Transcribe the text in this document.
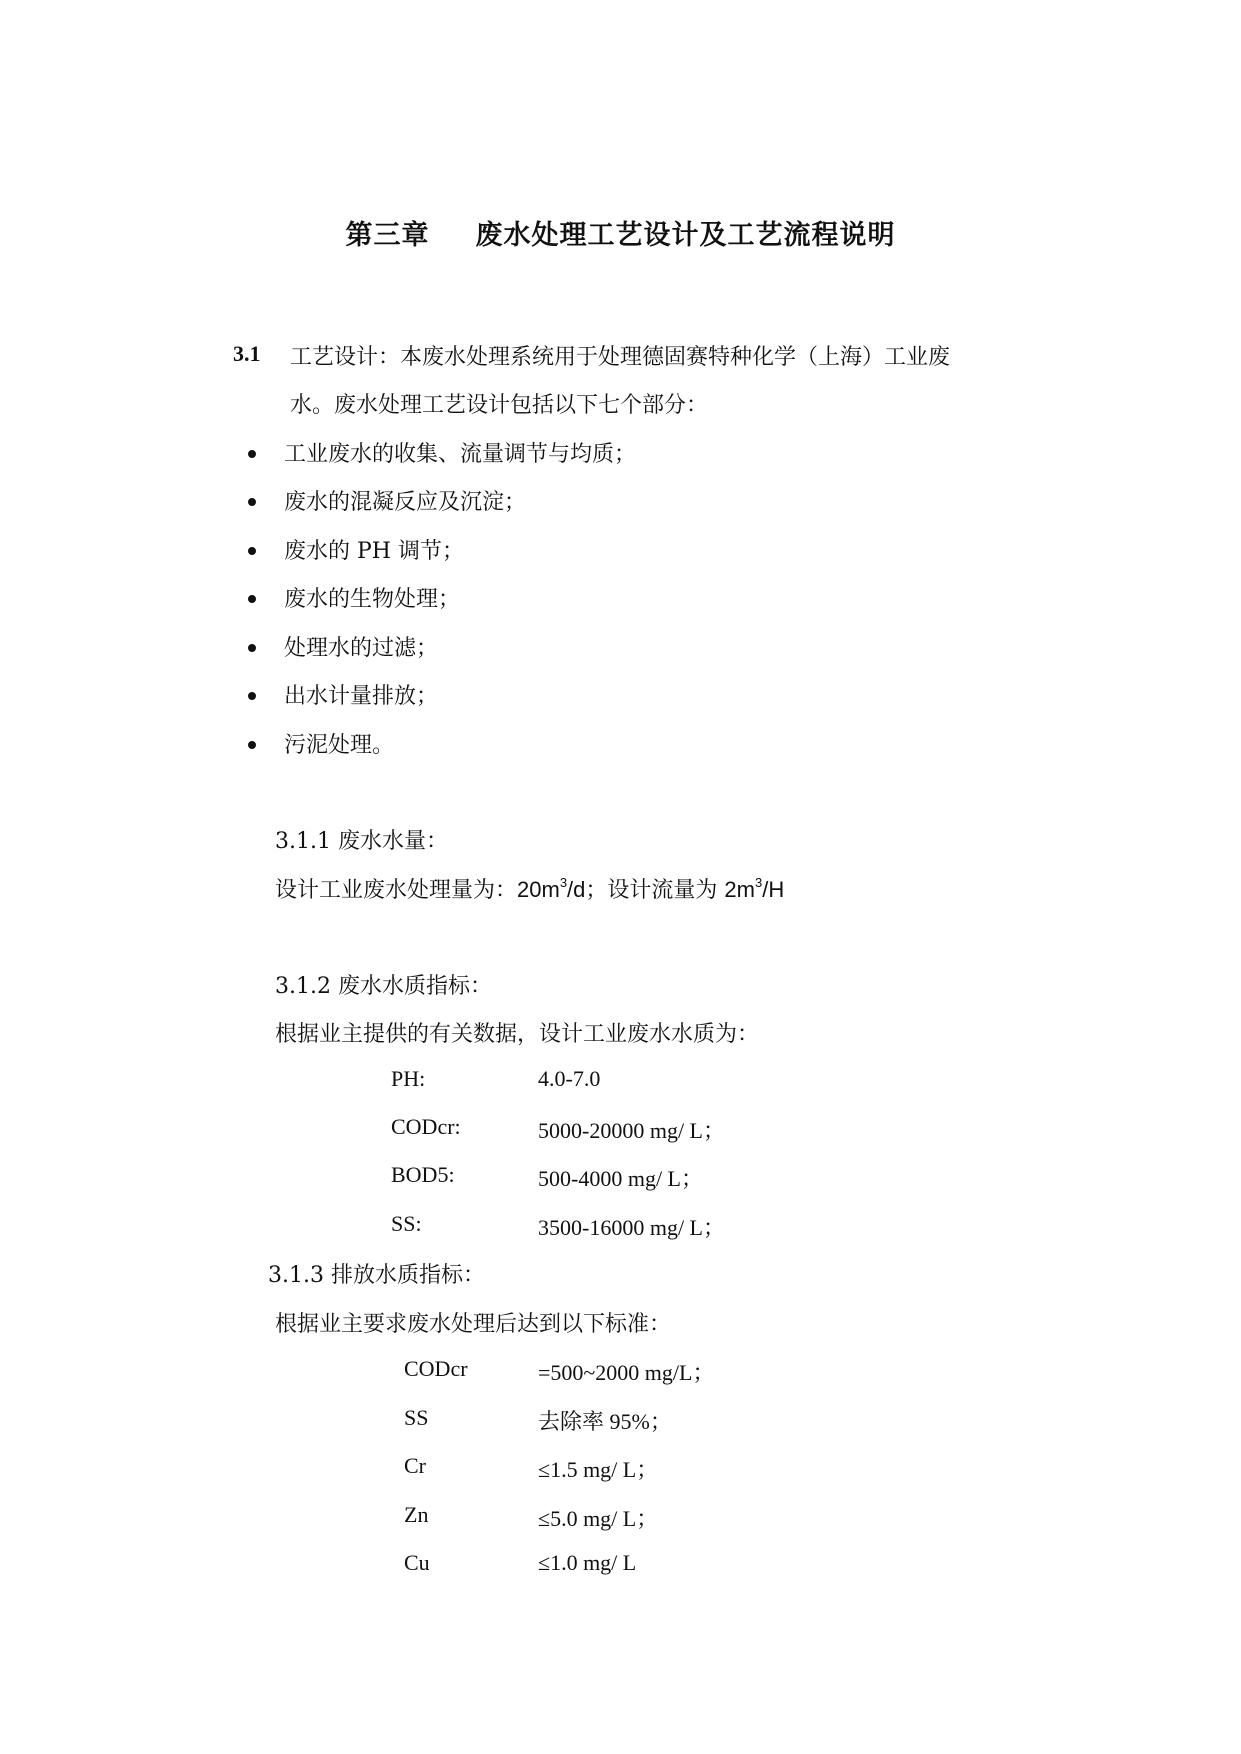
第三章 废水处理工艺设计及工艺流程说明
3.1 工艺设计：本废水处理系统用于处理德固赛特种化学（上海）工业废
水。废水处理工艺设计包括以下七个部分：
工业废水的收集、流量调节与均质；
废水的混凝反应及沉淀；
废水的 PH 调节；
废水的生物处理；
处理水的过滤；
出水计量排放；
污泥处理。
3.1.1 废水水量：
设计工业废水处理量为：$20m^3/d$；设计流量为 $2m^3/H$
3.1.2 废水水质指标：
根据业主提供的有关数据，设计工业废水水质为：
PH:	4.0-7.0
CODcr:	5000-20000 mg/ L；
BOD5:	500-4000 mg/ L；
SS:	3500-16000 mg/ L；
3.1.3 排放水质指标：
根据业主要求废水处理后达到以下标准：
CODcr	=500~2000 mg/L；
SS	去除率 95%；
Cr	≤1.5 mg/ L；
Zn	≤5.0 mg/ L；
Cu	≤1.0 mg/ L
